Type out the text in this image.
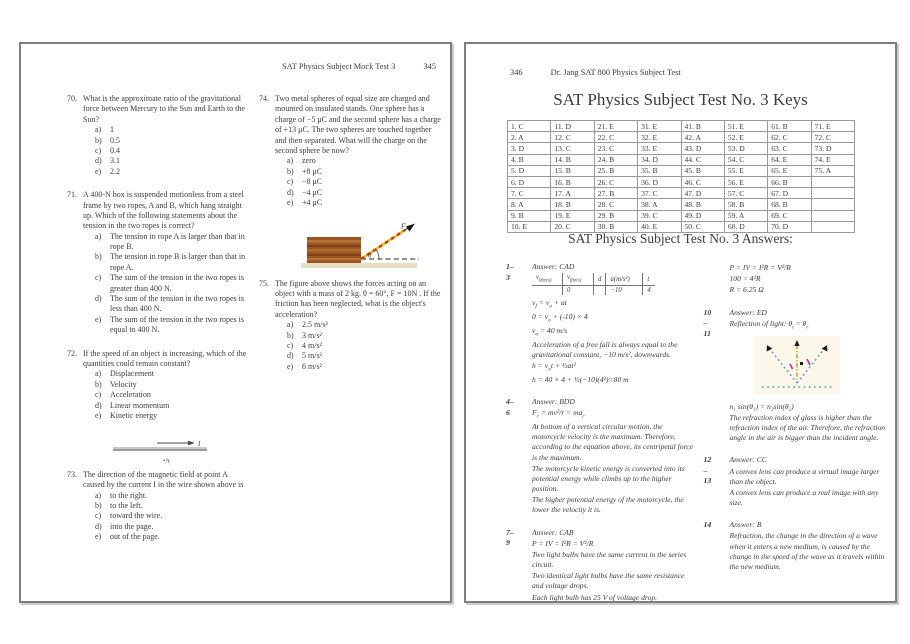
SAT Physics Subject Mock Test 3	345
70. What is the approximate ratio of the gravitational force between Mercury to the Sun and Earth to the Sun?
a)	1
b)	0.5
c)	0.4
d)	3.1
e)	2.2
71. A 400-N box is suspended motionless from a steel frame by two ropes, A and B, which hang straight up. Which of the following statements about the tension in the two ropes is correct?
a)	The tension in rope A is larger than that in rope B.
b)	The tension in rope B is larger than that in rope A.
c)	The sum of the tension in the two ropes is greater than 400 N.
d)	The sum of the tension in the two ropes is less than 400 N.
e)	The sum of the tension in the two ropes is equal to 400 N.
72. If the speed of an object is increasing, which of the quantities could remain constant?
a)	Displacement
b)	Velocity
c)	Acceleration
d)	Linear momentum
e)	Kinetic energy
I
•A
73. The direction of the magnetic field at point A caused by the current I in the wire shown above is
a)	to the right.
b)	to the left.
c)	toward the wire.
d)	into the page.
e)	out of the page.
74. Two metal spheres of equal size are charged and mounted on insulated stands. One sphere has a charge of −5 μC and the second sphere has a charge of +13 μC. The two spheres are touched together and then separated. What will the charge on the second sphere be now?
a)	zero
b)	+8 μC
c)	−8 μC
d)	−4 μC
e)	+4 μC
θ
F
75. The figure above shows the forces acting on an object with a mass of 2 kg. θ = 60°, F = 10N . If the friction has been neglected, what is the object's acceleration?
a)	2.5 m/s²
b)	3 m/s²
c)	4 m/s²
d)	5 m/s²
e)	6 m/s²
346	Dr. Jang SAT 800 Physics Subject Test
SAT Physics Subject Test No. 3 Keys
1. C	11. D	21. E	31. E	41. B	51. E	61. B	71. E
2. A	12. C	22. C	32. E	42. A	52. E	62. C	72. C
3. D	13. C	23. C	33. E	43. D	53. D	63. C	73. D
4. B	14. B	24. B	34. D	44. C	54. C	64. E	74. E
5. D	15. B	25. B	35. B	45. B	55. E	65. E	75. A
6. D	16. B	26. C	36. D	46. C	56. E	66. B	
7. C	17. A	27. B	37. C	47. D	57. C	67. D	
8. A	18. B	28. C	38. A	48. B	58. B	68. B	
9. B	19. E	29. B	39. C	49. D	59. A	69. C	
10. E	20. C	30. B	40. E	50. C	60. D	70. D	
SAT Physics Subject Test No. 3 Answers:
1–
3
Answer: CAD
$v_{0(m/s)}$	$v_{f(m/s)}$	d	a(m/s²)	t
	0		−10	4
$v_f = v_o$ + at
$0 = v_o + (-10) \times 4$
$v_o = 40$ m/s
Acceleration of a free fall is always equal to the gravitational constant, −10 m/s², downwards.
$h = v_ot$ + ½at²
h = 40 × 4 + ½(−10)(4²)=80 m
4–
6
Answer: BDD
$F_c = mv^2/r = ma_c$
At bottom of a vertical circular motion, the motorcycle velocity is the maximum. Therefore, according to the equation above, its centripetal force is the maximum.
The motorcycle kinetic energy is converted into its potential energy while climbs up to the higher position.
The higher potential energy of the motorcycle, the lower the velocity it is.
7–
9
Answer: CAB
P = IV = I²R = V²/R
Two light bulbs have the same current in the series circuit.
Two identical light bulbs have the same resistance and voltage drops.
Each light bulb has 25 V of voltage drop.
P = IV = I²R = V²/R
100 = 4²R
R = 6.25 Ω
10
–
11
Answer: ED
Reflection of light: $\theta_i = \theta_r$
n₁ sin(θ₁) = n₂sin(θ₂)
The refraction index of glass is higher than the refraction index of the air. Therefore, the refraction angle in the air is bigger than the incident angle.
12
–
13
Answer: CC
A convex lens can produce a virtual image larger than the object.
A convex lens can produce a real image with any size.
14	Answer: B
Refraction, the change in the direction of a wave when it enters a new medium, is caused by the change in the speed of the wave as it travels within the new medium.
